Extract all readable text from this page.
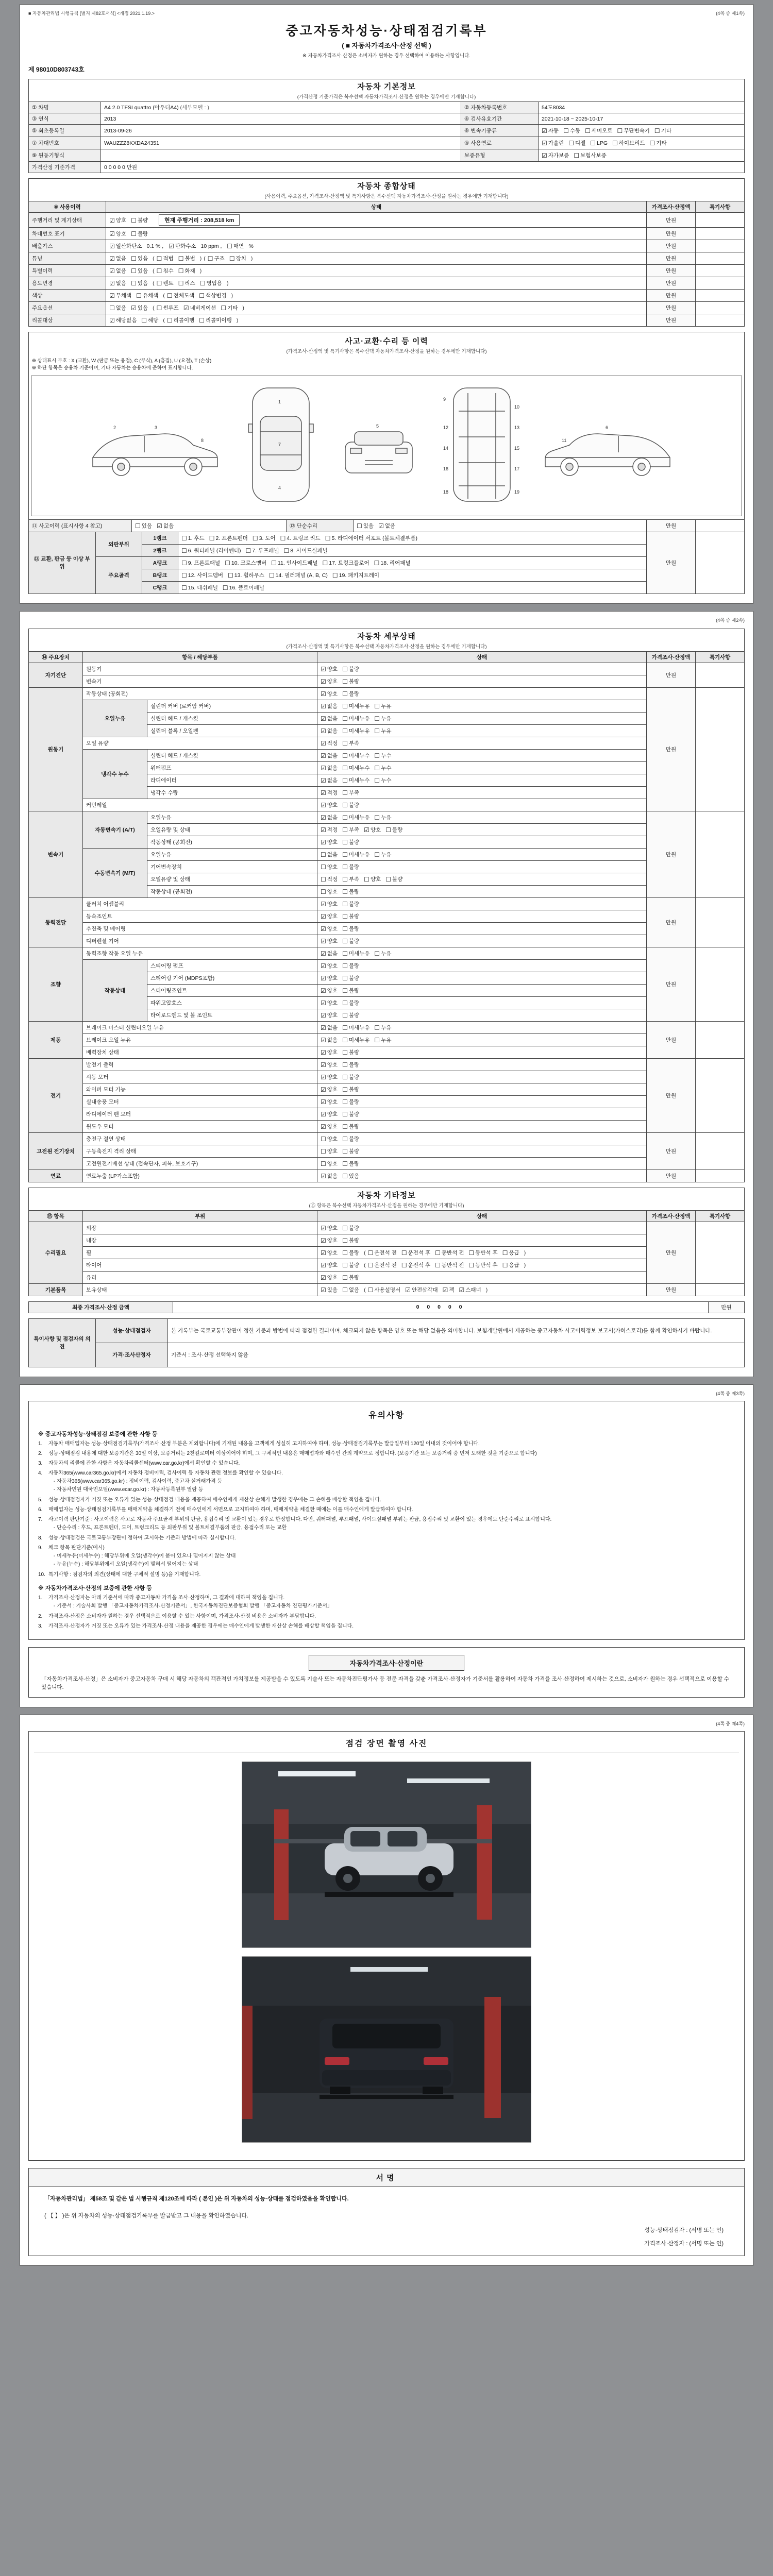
■ 자동차관리법 시행규칙 [별지 제82호서식] <개정 2021.1.19.>	(4쪽 중 제1쪽)
중고자동차성능·상태점검기록부
( ■ 자동차가격조사·산정 선택 )
※ 자동차가격조사·산정은 소비자가 원하는 경우 선택하여 이용하는 사항입니다.
제 98010D803743호
자동차 기본정보
(가격산정 기준가격은 복수선택 자동차가격조사·산정을 원하는 경우에만 기재합니다)			

① 차명	A4 2.0 TFSI quattro (아우디A4) (세부모델 : )	② 자동차등록번호	54도8034
③ 연식	2013	④ 검사유효기간	2021-10-18 ~ 2025-10-17
⑤ 최초등록일	2013-09-26	⑥ 변속기종류	☑ 자동 ☐ 수동 ☐ 세미오토 ☐ 무단변속기 ☐ 기타
⑦ 차대번호	WAUZZZ8KXDA24351	⑧ 사용연료	☑ 가솔린 ☐ 디젤 ☐ LPG ☐ 하이브리드 ☐ 기타
⑨ 원동기형식		보증유형	☑ 자가보증 ☐ 보험사보증
가격산정 기준가격	0 0 0 0 0 만원		
자동차 종합상태
(사용이력, 주요옵션, 가격조사·산정액 및 특기사항은 복수선택 자동차가격조사·산정을 원하는 경우에만 기재합니다)			

⑩ 사용이력	상태	가격조사·산정액	특기사항
주행거리 및 계기상태	☑ 양호 ☐ 불량 현재 주행거리 : 208,518 km	만원	
차대번호 표기	☑ 양호 ☐ 불량	만원	
배출가스	☑ 일산화탄소 0.1 % , ☑ 탄화수소 10 ppm , ☐ 매연 %	만원	
튜닝	☑ 없음 ☐ 있음 ( ☐ 적법 ☐ 불법 ) ( ☐ 구조 ☐ 장치 )	만원	
특별이력	☑ 없음 ☐ 있음 ( ☐ 침수 ☐ 화재 )	만원	
용도변경	☑ 없음 ☐ 있음 ( ☐ 렌트 ☐ 리스 ☐ 영업용 )	만원	
색상	☑ 무채색 ☐ 유채색 ( ☐ 전체도색 ☐ 색상변경 )	만원	
주요옵션	☐ 없음 ☑ 있음 ( ☐ 썬루프 ☑ 네비게이션 ☐ 기타 )	만원	
리콜대상	☑ 해당없음 ☐ 해당 ( ☐ 리콜이행 ☐ 리콜미이행 )	만원	
사고·교환·수리 등 이력
(가격조사·산정액 및 특기사항은 복수선택 자동차가격조사·산정을 원하는 경우에만 기재합니다)
※ 상태표시 부호 : X (교환), W (판금 또는 용접), C (부식), A (흠집), U (요철), T (손상)
※ 하단 항목은 승용차 기준이며, 기타 자동차는 승용차에 준하여 표시합니다.
2	3
8
1
7
4
5
9
10
12	13
14	15
16	17
18	19
6
11
⑪ 사고이력 (표시사항 4 참고)	☐ 있음 ☑ 없음	⑫ 단순수리	☐ 있음 ☑ 없음	만원	
⑬ 교환, 판금 등 이상 부위	외판부위	1랭크	☐ 1. 후드 ☐ 2. 프론트펜더 ☐ 3. 도어 ☐ 4. 트렁크 리드 ☐ 5. 라디에이터 서포트 (볼트체결부품)	만원	
		2랭크	☐ 6. 쿼터패널 (리어펜더) ☐ 7. 루프패널 ☐ 8. 사이드실패널		
	주요골격	A랭크	☐ 9. 프론트패널 ☐ 10. 크로스멤버 ☐ 11. 인사이드패널 ☐ 17. 트렁크플로어 ☐ 18. 리어패널		
		B랭크	☐ 12. 사이드멤버 ☐ 13. 휠하우스 ☐ 14. 필러패널 (A, B, C) ☐ 19. 패키지트레이		
		C랭크	☐ 15. 대쉬패널 ☐ 16. 플로어패널		
(4쪽 중 제2쪽)
자동차 세부상태
(가격조사·산정액 및 특기사항은 복수선택 자동차가격조사·산정을 원하는 경우에만 기재합니다)					

⑭ 주요장치	항목 / 해당부품		상태	가격조사·산정액	특기사항
자기진단	원동기		☑ 양호 ☐ 불량	만원	
	변속기		☑ 양호 ☐ 불량		
원동기	작동상태 (공회전)		☑ 양호 ☐ 불량	만원	
	오일누유	실린더 커버 (로커암 커버)	☑ 없음 ☐ 미세누유 ☐ 누유		
		실린더 헤드 / 개스킷	☑ 없음 ☐ 미세누유 ☐ 누유		
		실린더 블록 / 오일팬	☑ 없음 ☐ 미세누유 ☐ 누유		
	오일 유량		☑ 적정 ☐ 부족		
	냉각수 누수	실린더 헤드 / 개스킷	☑ 없음 ☐ 미세누수 ☐ 누수		
		워터펌프	☑ 없음 ☐ 미세누수 ☐ 누수		
		라디에이터	☑ 없음 ☐ 미세누수 ☐ 누수		
		냉각수 수량	☑ 적정 ☐ 부족		
	커먼레일		☑ 양호 ☐ 불량		
변속기	자동변속기 (A/T)	오일누유	☑ 없음 ☐ 미세누유 ☐ 누유	만원	
		오일유량 및 상태	☑ 적정 ☐ 부족 ☑ 양호 ☐ 불량		
		작동상태 (공회전)	☑ 양호 ☐ 불량		
	수동변속기 (M/T)	오일누유	☐ 없음 ☐ 미세누유 ☐ 누유		
		기어변속장치	☐ 양호 ☐ 불량		
		오일유량 및 상태	☐ 적정 ☐ 부족 ☐ 양호 ☐ 불량		
		작동상태 (공회전)	☐ 양호 ☐ 불량		
동력전달	클러치 어셈블리		☑ 양호 ☐ 불량	만원	
	등속조인트		☑ 양호 ☐ 불량		
	추진축 및 베어링		☑ 양호 ☐ 불량		
	디퍼렌셜 기어		☑ 양호 ☐ 불량		
조향	동력조향 작동 오일 누유		☑ 없음 ☐ 미세누유 ☐ 누유	만원	
	작동상태	스티어링 펌프	☑ 양호 ☐ 불량		
		스티어링 기어 (MDPS포함)	☑ 양호 ☐ 불량		
		스티어링조인트	☑ 양호 ☐ 불량		
		파워고압호스	☑ 양호 ☐ 불량		
		타이로드엔드 및 볼 조인트	☑ 양호 ☐ 불량		
제동	브레이크 마스터 실린더오일 누유		☑ 없음 ☐ 미세누유 ☐ 누유	만원	
	브레이크 오일 누유		☑ 없음 ☐ 미세누유 ☐ 누유		
	배력장치 상태		☑ 양호 ☐ 불량		
전기	발전기 출력		☑ 양호 ☐ 불량	만원	
	시동 모터		☑ 양호 ☐ 불량		
	와이퍼 모터 기능		☑ 양호 ☐ 불량		
	실내송풍 모터		☑ 양호 ☐ 불량		
	라디에이터 팬 모터		☑ 양호 ☐ 불량		
	윈도우 모터		☑ 양호 ☐ 불량		
고전원 전기장치	충전구 절연 상태		☐ 양호 ☐ 불량	만원	
	구동축전지 격리 상태		☐ 양호 ☐ 불량		
	고전원전기배선 상태 (접속단자, 피복, 보호기구)		☐ 양호 ☐ 불량		
연료	연료누출 (LP가스포함)		☑ 없음 ☐ 있음	만원	
자동차 기타정보
(⑮ 항목은 복수선택 자동차가격조사·산정을 원하는 경우에만 기재합니다)				

⑮ 항목	부위	상태	가격조사·산정액	특기사항
수리필요	외장	☑ 양호 ☐ 불량	만원	
	내장	☑ 양호 ☐ 불량		
	휠	☑ 양호 ☐ 불량 ( ☐ 운전석 전 ☐ 운전석 후 ☐ 동반석 전 ☐ 동반석 후 ☐ 응급 )		
	타이어	☑ 양호 ☐ 불량 ( ☐ 운전석 전 ☐ 운전석 후 ☐ 동반석 전 ☐ 동반석 후 ☐ 응급 )		
	유리	☑ 양호 ☐ 불량		
기본품목	보유상태	☑ 있음 ☐ 없음 ( ☐ 사용설명서 ☑ 안전삼각대 ☑ 잭 ☑ 스패너 )	만원	
최종 가격조사·산정 금액	0 0 0 0 0	만원
특이사항 및 점검자의 의견	성능·상태점검자	본 기록부는 국토교통부장관이 정한 기준과 방법에 따라 점검한 결과이며, 체크되지 않은 항목은 양호 또는 해당 없음을 의미합니다. 보험개발원에서 제공하는 중고자동차 사고이력정보 보고서(카히스토리)를 함께 확인하시기 바랍니다.
	가격·조사산정자	기준서 : 조사·산정 선택하지 않음
(4쪽 중 제3쪽)
유의사항
※ 중고자동차성능·상태점검 보증에 관한 사항 등
1.	자동차 매매업자는 성능·상태점검기록부(가격조사·산정 부분은 제외합니다)에 기재된 내용을 고객에게 성실히 고지하여야 하며, 성능·상태점검기록부는 발급일부터 120일 이내의 것이어야 합니다.
2.	성능·상태점검 내용에 대한 보증기간은 30일 이상, 보증거리는 2천킬로미터 이상이어야 하며, 그 구체적인 내용은 매매업자와 매수인 간의 계약으로 정합니다. (보증기간 또는 보증거리 중 먼저 도래한 것을 기준으로 합니다)
3.	자동차의 리콜에 관한 사항은 자동차리콜센터(www.car.go.kr)에서 확인할 수 있습니다.
4.	자동차365(www.car365.go.kr)에서 자동차 정비이력, 검사이력 등 자동차 관련 정보를 확인할 수 있습니다.
- 자동차365(www.car365.go.kr) : 정비이력, 검사이력, 중고차 실거래가격 등
- 자동차민원 대국민포털(www.ecar.go.kr) : 자동차등록원부 열람 등
5.	성능·상태점검자가 거짓 또는 오류가 있는 성능·상태점검 내용을 제공하여 매수인에게 재산상 손해가 발생한 경우에는 그 손해를 배상할 책임을 집니다.
6.	매매업자는 성능·상태점검기록부를 매매계약을 체결하기 전에 매수인에게 서면으로 고지하여야 하며, 매매계약을 체결한 때에는 이를 매수인에게 발급하여야 합니다.
7.	사고이력 판단기준 : 사고이력은 사고로 자동차 주요골격 부위의 판금, 용접수리 및 교환이 있는 경우로 한정합니다. 다만, 쿼터패널, 루프패널, 사이드실패널 부위는 판금, 용접수리 및 교환이 있는 경우에도 단순수리로 표시합니다.
- 단순수리 : 후드, 프론트펜더, 도어, 트렁크리드 등 외판부위 및 볼트체결부품의 판금, 용접수리 또는 교환
8.	성능·상태점검은 국토교통부장관이 정하여 고시하는 기준과 방법에 따라 실시합니다.
9.	체크 항목 판단기준(예시)
- 미세누유(미세누수) : 해당부위에 오일(냉각수)이 묻어 있으나 떨어지지 않는 상태
- 누유(누수) : 해당부위에서 오일(냉각수)이 맺혀서 떨어지는 상태
10. 특기사항 : 점검자의 의견(상태에 대한 구체적 설명 등)을 기재합니다.
※ 자동차가격조사·산정의 보증에 관한 사항 등
1.	가격조사·산정자는 아래 기준서에 따라 중고자동차 가격을 조사·산정하며, 그 결과에 대하여 책임을 집니다.
- 기준서 : 기술사회 발행 「중고자동차가격조사·산정기준서」, 한국자동차진단보증협회 발행 「중고자동차 진단평가기준서」
2.	가격조사·산정은 소비자가 원하는 경우 선택적으로 이용할 수 있는 사항이며, 가격조사·산정 비용은 소비자가 부담합니다.
3.	가격조사·산정자가 거짓 또는 오류가 있는 가격조사·산정 내용을 제공한 경우에는 매수인에게 발생한 재산상 손해를 배상할 책임을 집니다.
자동차가격조사·산정이란
「자동차가격조사·산정」은 소비자가 중고자동차 구매 시 해당 자동차의 객관적인 가치정보를 제공받을 수 있도록 기술사 또는 자동차진단평가사 등 전문 자격을 갖춘 가격조사·산정자가 기준서를 활용하여 자동차 가격을 조사·산정하여 제시하는 것으로, 소비자가 원하는 경우 선택적으로 이용할 수 있습니다.
(4쪽 중 제4쪽)
점검 장면 촬영 사진
서명
「자동차관리법」 제58조 및 같은 법 시행규칙 제120조에 따라 ( 본인 )은 위 자동차의 성능·상태를 점검하였음을 확인합니다.
( 【 】 )은 위 자동차의 성능·상태점검기록부를 발급받고 그 내용을 확인하였습니다.
성능·상태점검자 : (서명 또는 인)
가격조사·산정자 : (서명 또는 인)
